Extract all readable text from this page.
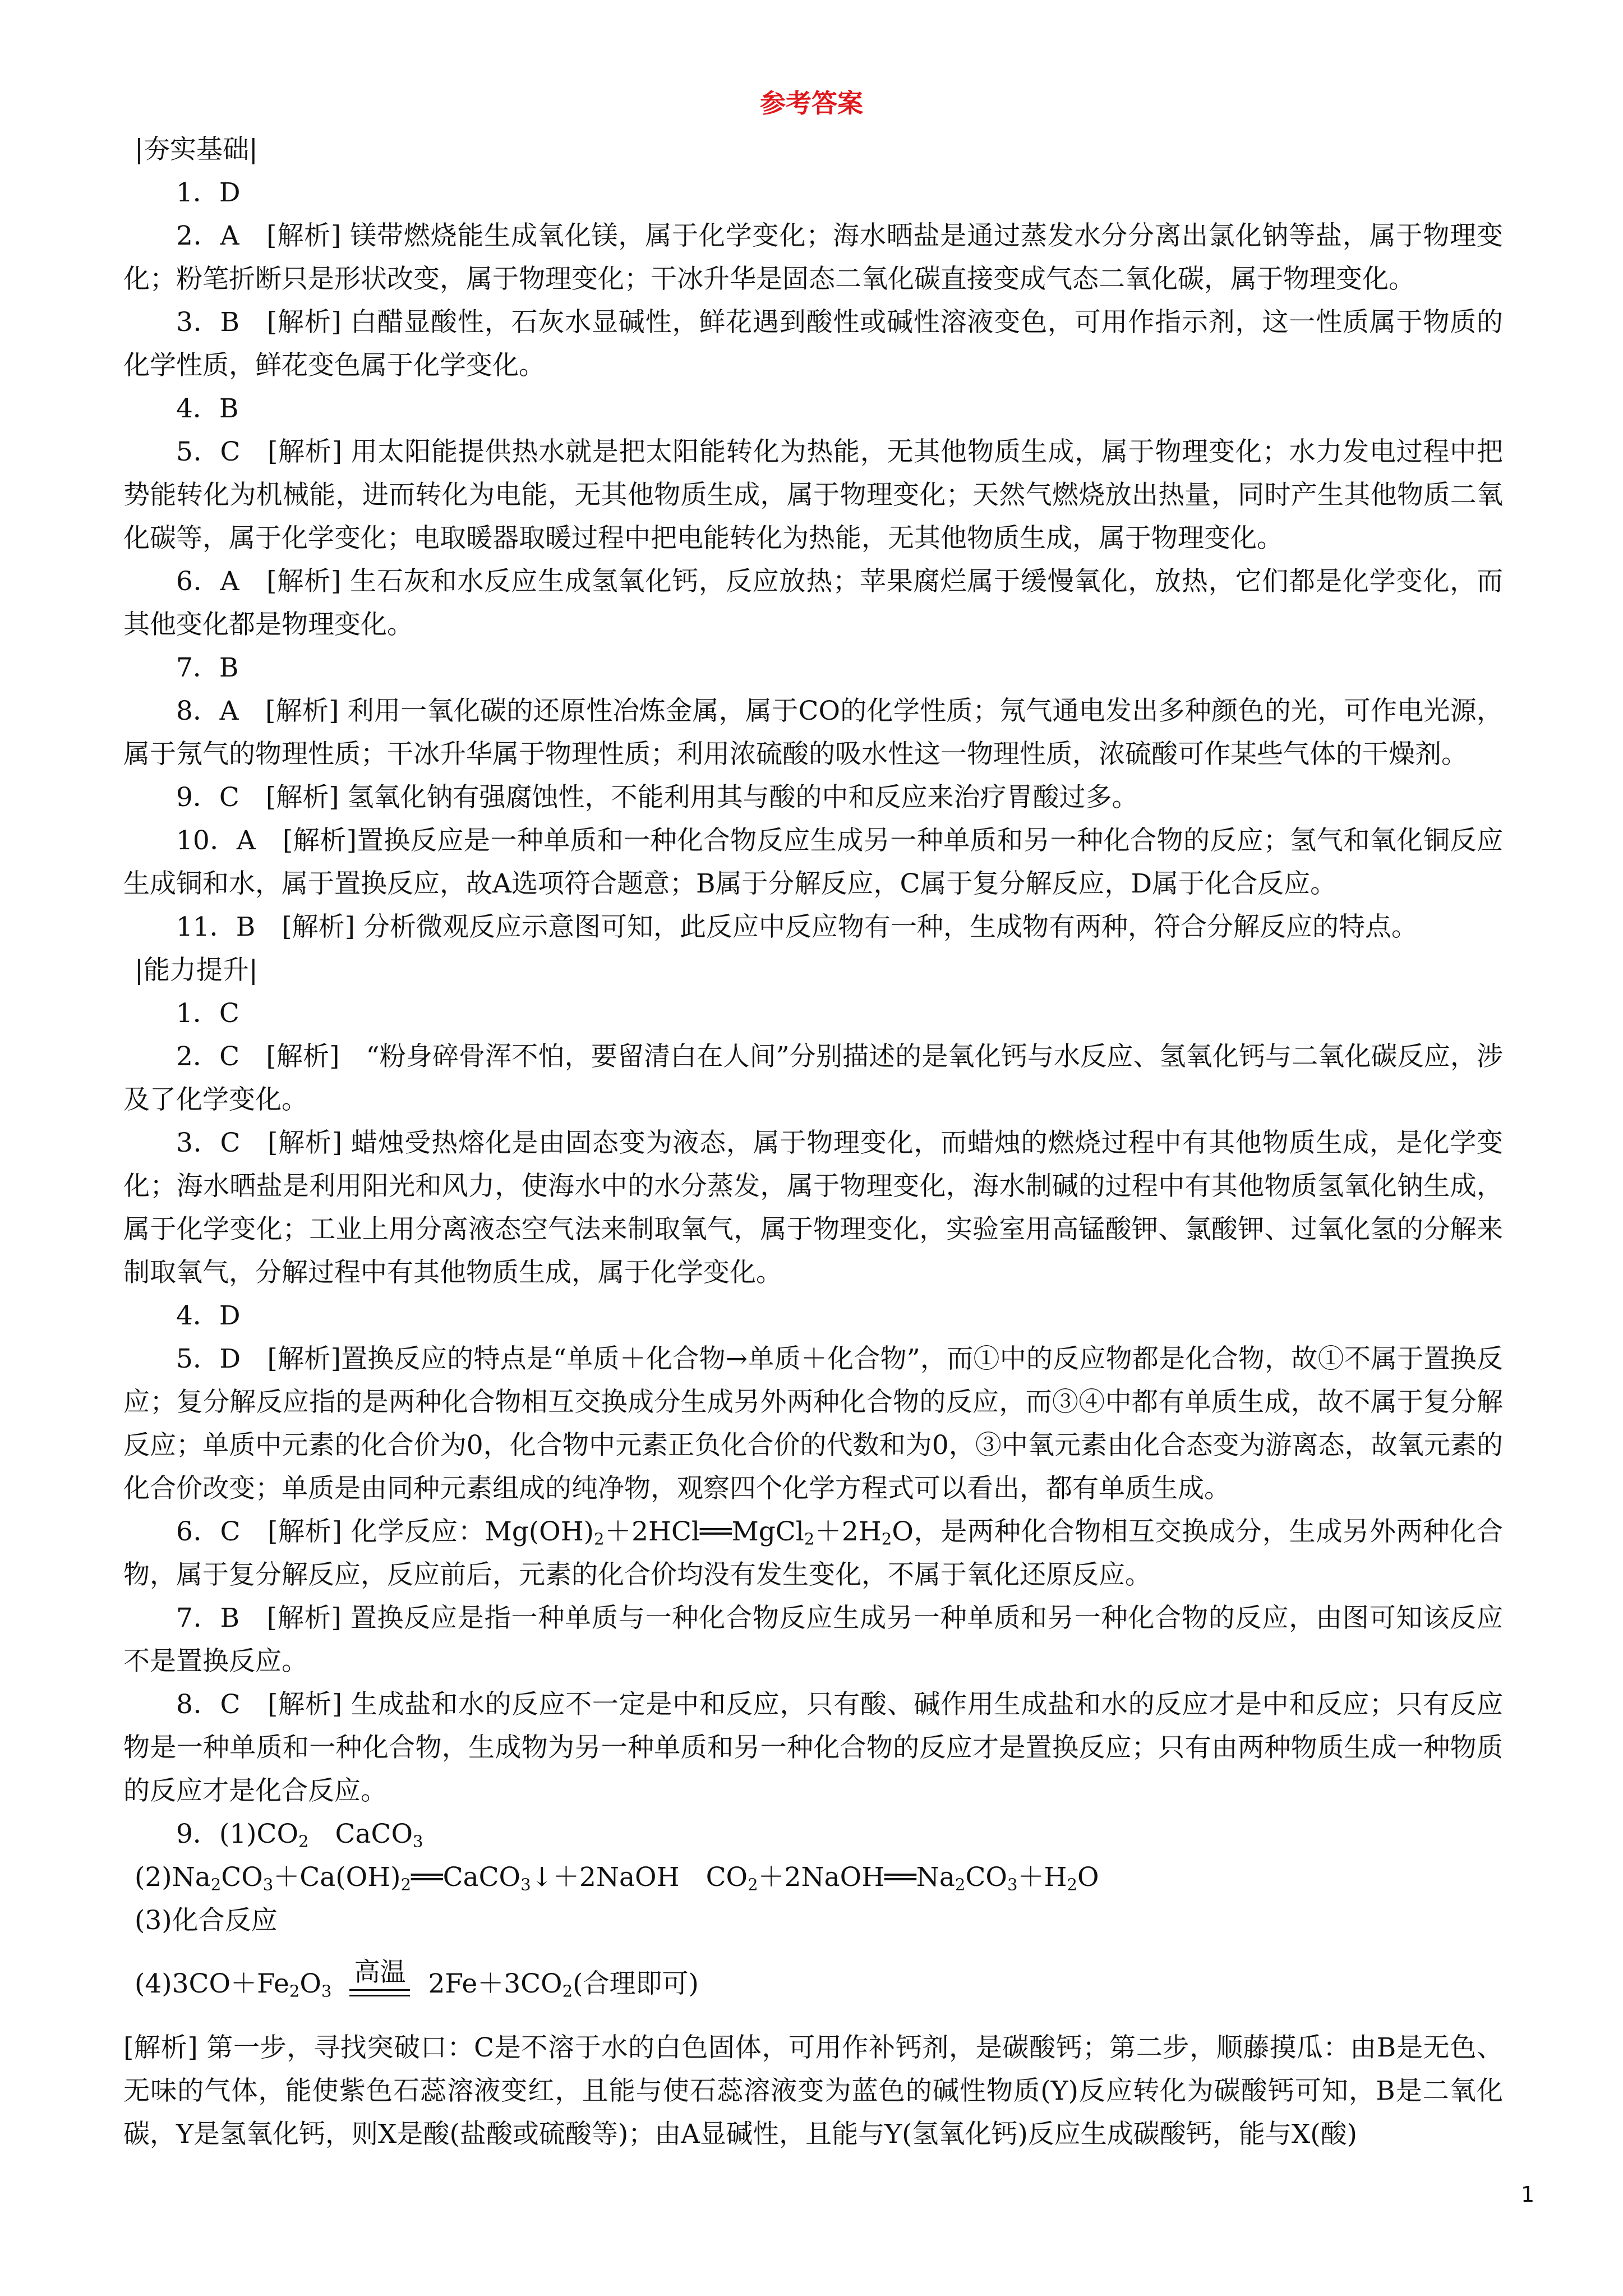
参考答案

|夯实基础|

1．D

2．A　[解析] 镁带燃烧能生成氧化镁，属于化学变化；海水晒盐是通过蒸发水分分离出氯化钠等盐，属于物理变化；粉笔折断只是形状改变，属于物理变化；干冰升华是固态二氧化碳直接变成气态二氧化碳，属于物理变化。

3．B　[解析] 白醋显酸性，石灰水显碱性，鲜花遇到酸性或碱性溶液变色，可用作指示剂，这一性质属于物质的化学性质，鲜花变色属于化学变化。

4．B

5．C　[解析] 用太阳能提供热水就是把太阳能转化为热能，无其他物质生成，属于物理变化；水力发电过程中把势能转化为机械能，进而转化为电能，无其他物质生成，属于物理变化；天然气燃烧放出热量，同时产生其他物质二氧化碳等，属于化学变化；电取暖器取暖过程中把电能转化为热能，无其他物质生成，属于物理变化。

6．A　[解析] 生石灰和水反应生成氢氧化钙，反应放热；苹果腐烂属于缓慢氧化，放热，它们都是化学变化，而其他变化都是物理变化。

7．B

8．A　[解析] 利用一氧化碳的还原性冶炼金属，属于CO的化学性质；氖气通电发出多种颜色的光，可作电光源，属于氖气的物理性质；干冰升华属于物理性质；利用浓硫酸的吸水性这一物理性质，浓硫酸可作某些气体的干燥剂。

9．C　[解析] 氢氧化钠有强腐蚀性，不能利用其与酸的中和反应来治疗胃酸过多。

10．A　[解析]置换反应是一种单质和一种化合物反应生成另一种单质和另一种化合物的反应；氢气和氧化铜反应生成铜和水，属于置换反应，故A选项符合题意；B属于分解反应，C属于复分解反应，D属于化合反应。

11．B　[解析] 分析微观反应示意图可知，此反应中反应物有一种，生成物有两种，符合分解反应的特点。

|能力提升|

1．C

2．C　[解析]　“粉身碎骨浑不怕，要留清白在人间”分别描述的是氧化钙与水反应、氢氧化钙与二氧化碳反应，涉及了化学变化。

3．C　[解析] 蜡烛受热熔化是由固态变为液态，属于物理变化，而蜡烛的燃烧过程中有其他物质生成，是化学变化；海水晒盐是利用阳光和风力，使海水中的水分蒸发，属于物理变化，海水制碱的过程中有其他物质氢氧化钠生成，属于化学变化；工业上用分离液态空气法来制取氧气，属于物理变化，实验室用高锰酸钾、氯酸钾、过氧化氢的分解来制取氧气，分解过程中有其他物质生成，属于化学变化。

4．D

5．D　[解析]置换反应的特点是“单质＋化合物→单质＋化合物”，而①中的反应物都是化合物，故①不属于置换反应；复分解反应指的是两种化合物相互交换成分生成另外两种化合物的反应，而③④中都有单质生成，故不属于复分解反应；单质中元素的化合价为0，化合物中元素正负化合价的代数和为0，③中氧元素由化合态变为游离态，故氧元素的化合价改变；单质是由同种元素组成的纯净物，观察四个化学方程式可以看出，都有单质生成。

6．C　[解析] 化学反应：$Mg(OH)_2+2HCl══MgCl_2+2H_2O$，是两种化合物相互交换成分，生成另外两种化合物，属于复分解反应，反应前后，元素的化合价均没有发生变化，不属于氧化还原反应。

7．B　[解析] 置换反应是指一种单质与一种化合物反应生成另一种单质和另一种化合物的反应，由图可知该反应不是置换反应。

8．C　[解析] 生成盐和水的反应不一定是中和反应，只有酸、碱作用生成盐和水的反应才是中和反应；只有反应物是一种单质和一种化合物，生成物为另一种单质和另一种化合物的反应才是置换反应；只有由两种物质生成一种物质的反应才是化合反应。

9．$(1)CO_2$　CaCO$_3$

$(2)Na_2CO_3+Ca(OH)_2══CaCO_3↓+2NaOH$　$CO_2+2NaOH══Na_2CO_3+H_2O$

(3)化合反应

$(4)3CO+Fe_2O_3$
高温 $2Fe+3CO_2$(合理即可)

[解析] 第一步，寻找突破口：C是不溶于水的白色固体，可用作补钙剂，是碳酸钙；第二步，顺藤摸瓜：由B是无色、无味的气体，能使紫色石蕊溶液变红，且能与使石蕊溶液变为蓝色的碱性物质(Y)反应转化为碳酸钙可知，B是二氧化碳，Y是氢氧化钙，则X是酸(盐酸或硫酸等)；由A显碱性，且能与Y(氢氧化钙)反应生成碳酸钙，能与X(酸)

1
